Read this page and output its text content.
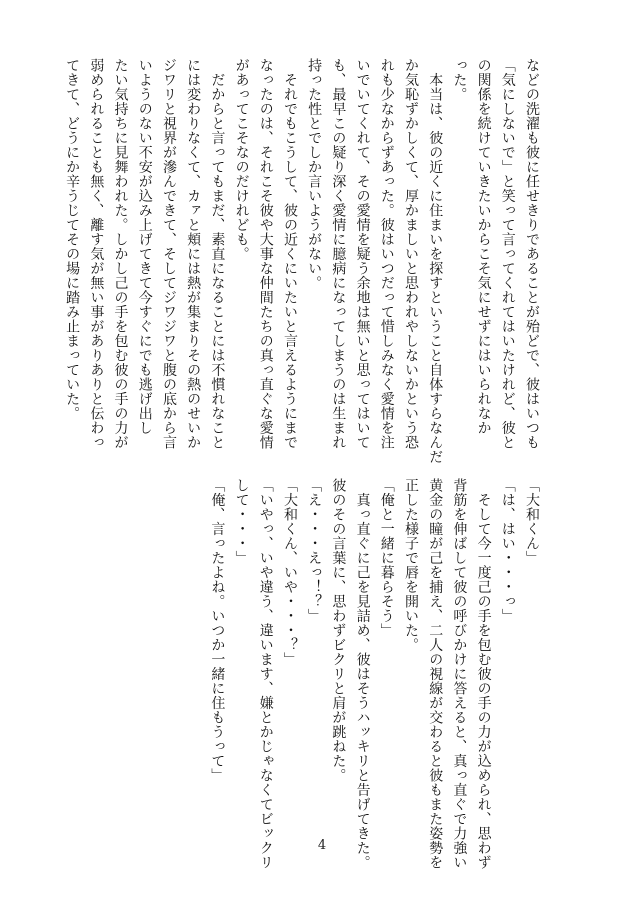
などの洗濯も彼に任せきりであることが殆どで、彼はいつも
「気にしないで」と笑って言ってくれてはいたけれど、彼と
の関係を続けていきたいからこそ気にせずにはいられなか
った。
　本当は、彼の近くに住まいを探すということ自体すらなんだ
か気恥ずかしくて、厚かましいと思われやしないかという恐
れも少なからずあった。彼はいつだって惜しみなく愛情を注
いでいてくれて、その愛情を疑う余地は無いと思ってはいて
も、最早この疑り深く愛情に臆病になってしまうのは生まれ
持った性とでしか言いようがない。
　それでもこうして、彼の近くにいたいと言えるようにまで
なったのは、それこそ彼や大事な仲間たちの真っ直ぐな愛情
があってこそなのだけれども。
　だからと言ってもまだ、素直になることには不慣れなこと
には変わりなくて、カァと頬には熱が集まりその熱のせいか
ジワリと視界が滲んできて、そしてジワジワと腹の底から言
いようのない不安が込み上げてきて今すぐにでも逃げ出し
たい気持ちに見舞われた。しかし己の手を包む彼の手の力が
弱められることも無く、離す気が無い事がありありと伝わっ
てきて、どうにか辛うじてその場に踏み止まっていた。
「大和くん」
「は、はい・・・っ」
　そして今一度己の手を包む彼の手の力が込められ、思わず
背筋を伸ばして彼の呼びかけに答えると、真っ直ぐで力強い
黄金の瞳が己を捕え、二人の視線が交わると彼もまた姿勢を
正した様子で唇を開いた。
「俺と一緒に暮らそう」
　真っ直ぐに己を見詰め、彼はそうハッキリと告げてきた。
彼のその言葉に、思わずビクリと肩が跳ねた。
「え・・・えっ！？」
「大和くん、いや・・・？」
「いやっ、いや違う、違います、嫌とかじゃなくてビックリ
して・・・」
「俺、言ったよね。いつか一緒に住もうって」
4
